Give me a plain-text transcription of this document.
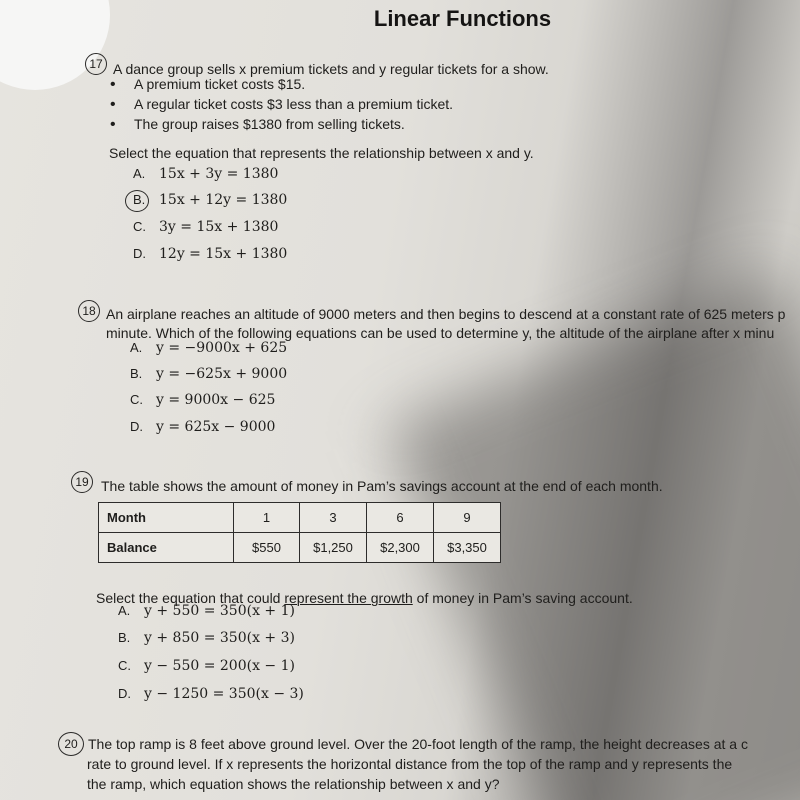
Linear Functions
17 A dance group sells x premium tickets and y regular tickets for a show.
• A premium ticket costs $15.
• A regular ticket costs $3 less than a premium ticket.
• The group raises $1380 from selling tickets.
Select the equation that represents the relationship between x and y.
A. 15x + 3y = 1380
B. 15x + 12y = 1380
C. 3y = 15x + 1380
D. 12y = 15x + 1380
18 An airplane reaches an altitude of 9000 meters and then begins to descend at a constant rate of 625 meters p
minute. Which of the following equations can be used to determine y, the altitude of the airplane after x minu
A. y = −9000x + 625
B. y = −625x + 9000
C. y = 9000x − 625
D. y = 625x − 9000
19 The table shows the amount of money in Pam’s savings account at the end of each month.
Month	1	3	6	9
Balance	$550	$1,250	$2,300	$3,350
Select the equation that could represent the growth of money in Pam’s saving account.
A. y + 550 = 350(x + 1)
B. y + 850 = 350(x + 3)
C. y − 550 = 200(x − 1)
D. y − 1250 = 350(x − 3)
20 The top ramp is 8 feet above ground level. Over the 20-foot length of the ramp, the height decreases at a c
rate to ground level. If x represents the horizontal distance from the top of the ramp and y represents the
the ramp, which equation shows the relationship between x and y?
